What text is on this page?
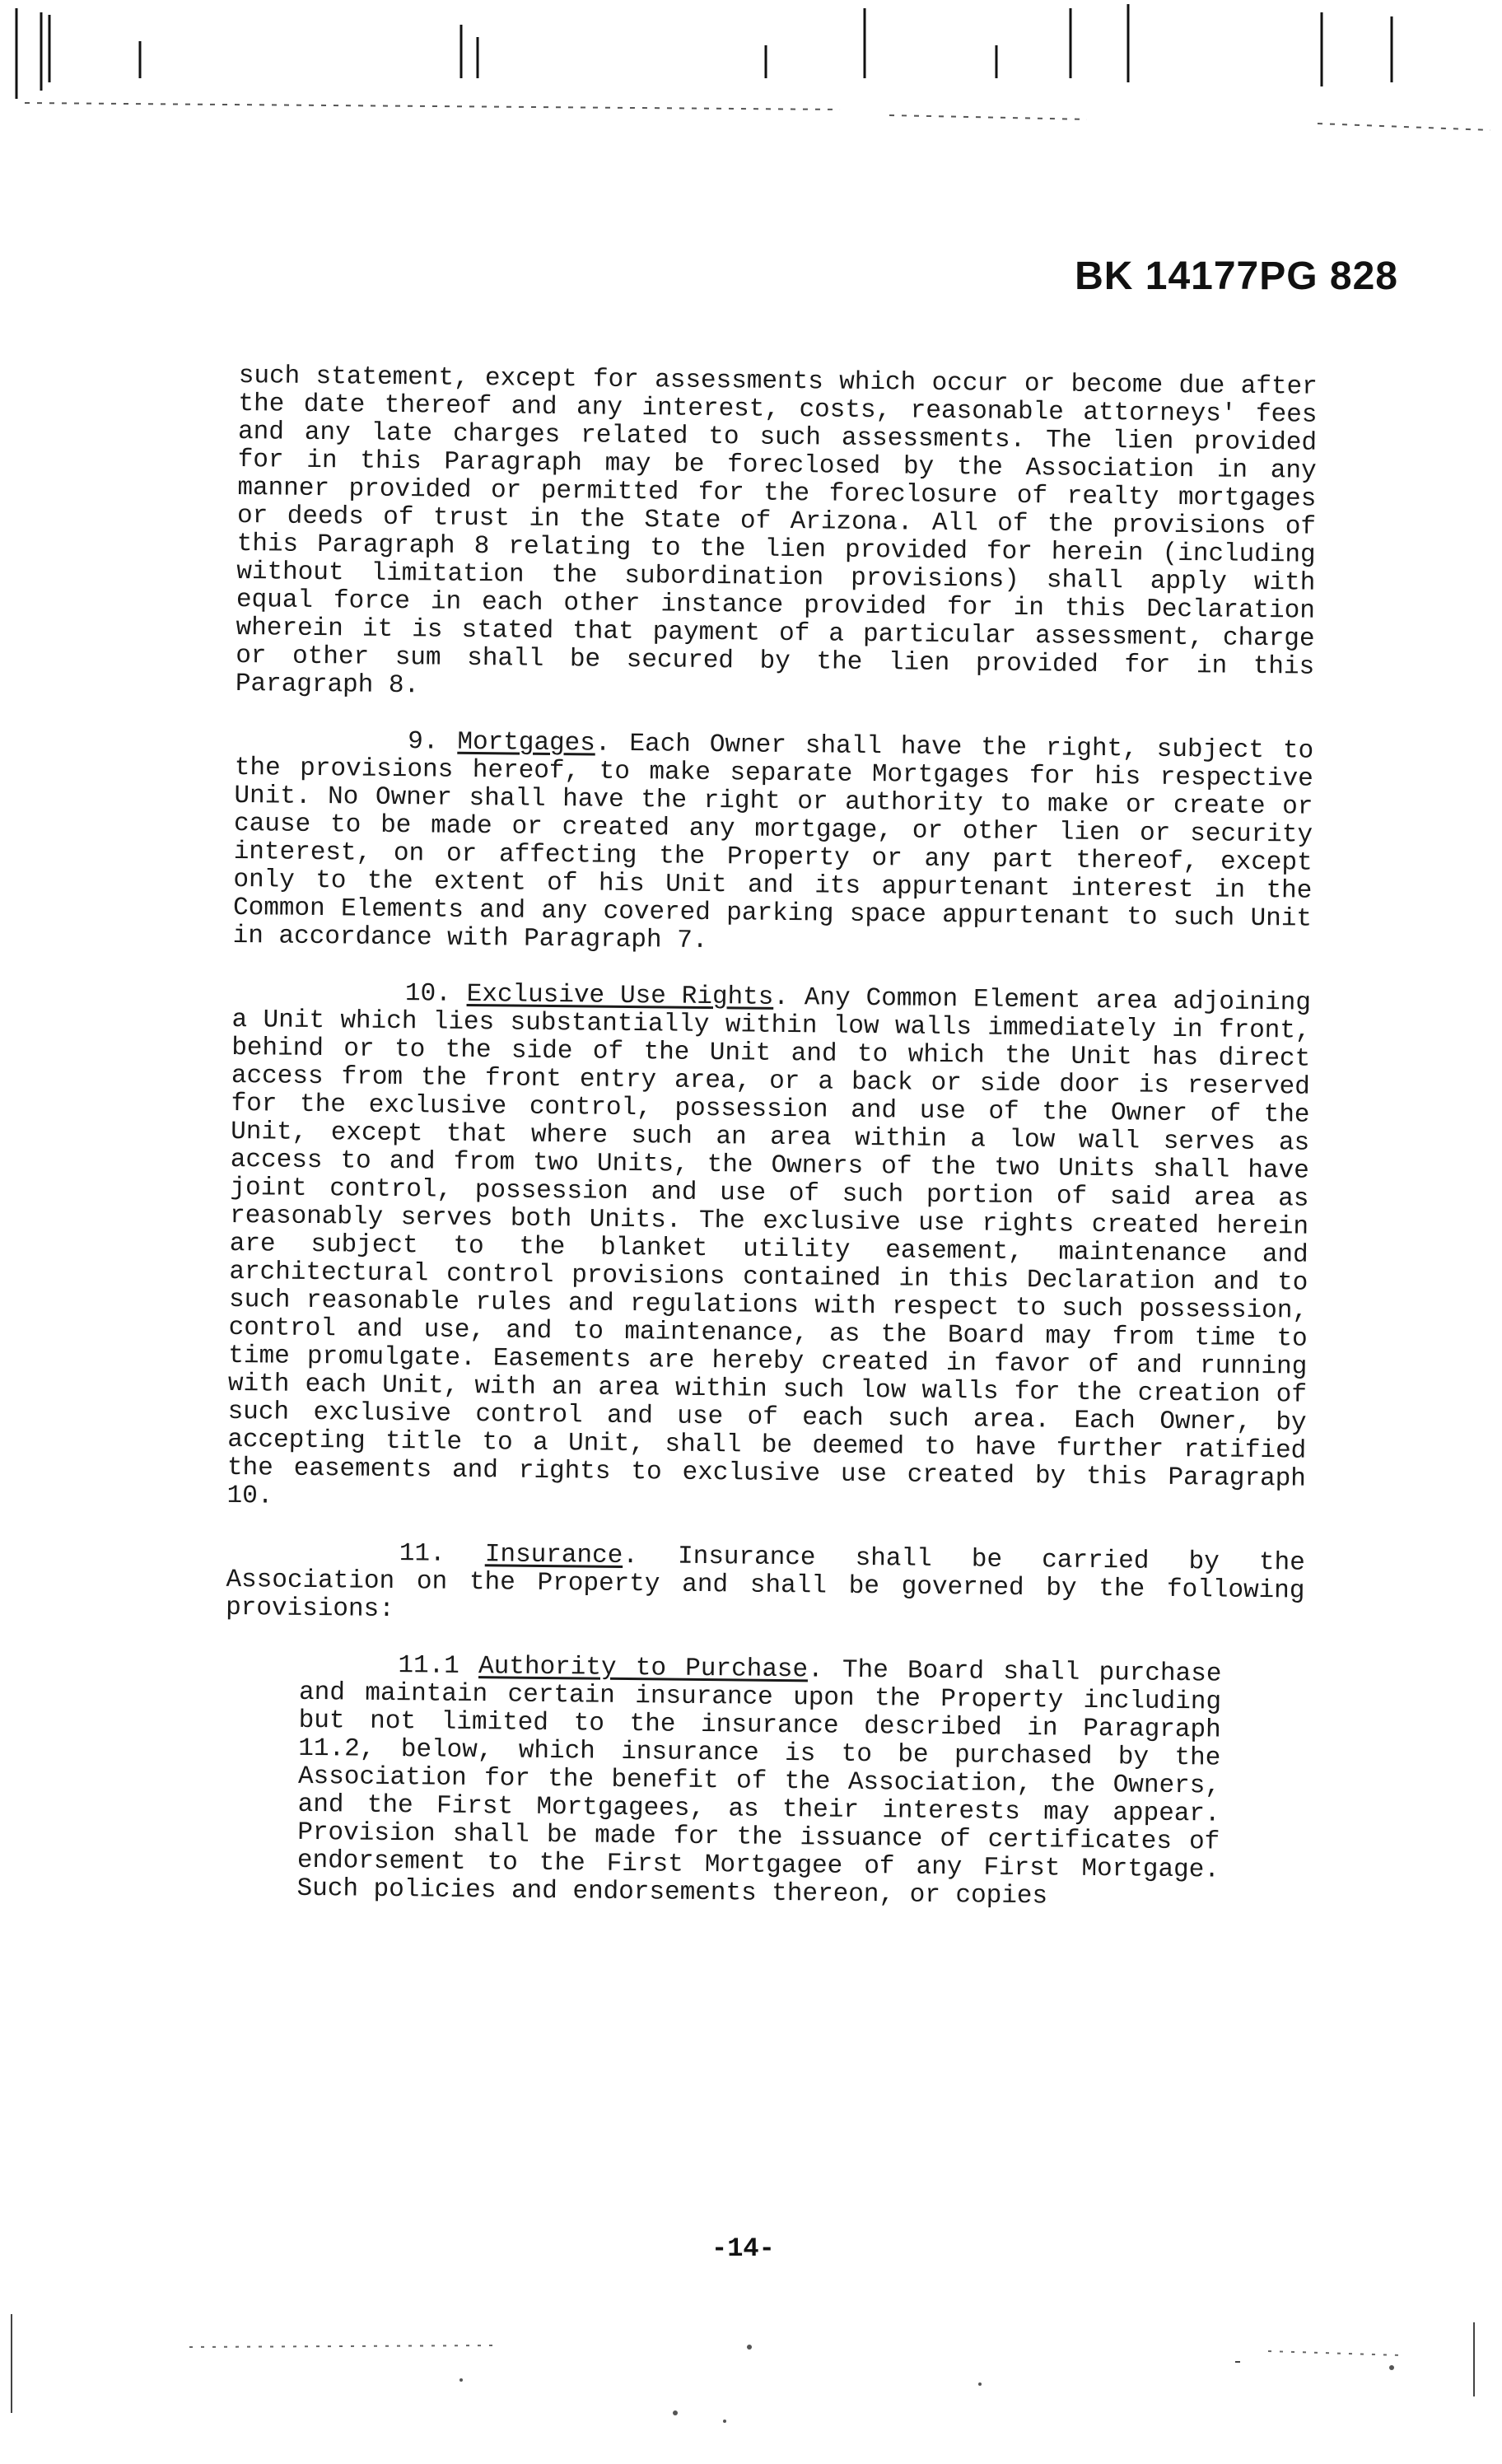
BK 14177PG 828

such statement, except for assessments which occur or become due after the date thereof and any interest, costs, reasonable attorneys' fees and any late charges related to such assessments. The lien provided for in this Paragraph may be foreclosed by the Association in any manner provided or permitted for the foreclosure of realty mortgages or deeds of trust in the State of Arizona. All of the provisions of this Paragraph 8 relating to the lien provided for herein (including without limitation the subordination provisions) shall apply with equal force in each other instance provided for in this Declaration wherein it is stated that payment of a particular assessment, charge or other sum shall be secured by the lien provided for in this Paragraph 8.

9. Mortgages. Each Owner shall have the right, subject to the provisions hereof, to make separate Mortgages for his respective Unit. No Owner shall have the right or authority to make or create or cause to be made or created any mortgage, or other lien or security interest, on or affecting the Property or any part thereof, except only to the extent of his Unit and its appurtenant interest in the Common Elements and any covered parking space appurtenant to such Unit in accordance with Paragraph 7.

10. Exclusive Use Rights. Any Common Element area adjoining a Unit which lies substantially within low walls immediately in front, behind or to the side of the Unit and to which the Unit has direct access from the front entry area, or a back or side door is reserved for the exclusive control, possession and use of the Owner of the Unit, except that where such an area within a low wall serves as access to and from two Units, the Owners of the two Units shall have joint control, possession and use of such portion of said area as reasonably serves both Units. The exclusive use rights created herein are subject to the blanket utility easement, maintenance and architectural control provisions contained in this Declaration and to such reasonable rules and regulations with respect to such possession, control and use, and to maintenance, as the Board may from time to time promulgate. Easements are hereby created in favor of and running with each Unit, with an area within such low walls for the creation of such exclusive control and use of each such area. Each Owner, by accepting title to a Unit, shall be deemed to have further ratified the easements and rights to exclusive use created by this Paragraph 10.

11. Insurance. Insurance shall be carried by the Association on the Property and shall be governed by the following provisions:

11.1 Authority to Purchase. The Board shall purchase and maintain certain insurance upon the Property including but not limited to the insurance described in Paragraph 11.2, below, which insurance is to be purchased by the Association for the benefit of the Association, the Owners, and the First Mortgagees, as their interests may appear. Provision shall be made for the issuance of certificates of endorsement to the First Mortgagee of any First Mortgage. Such policies and endorsements thereon, or copies

-14-
